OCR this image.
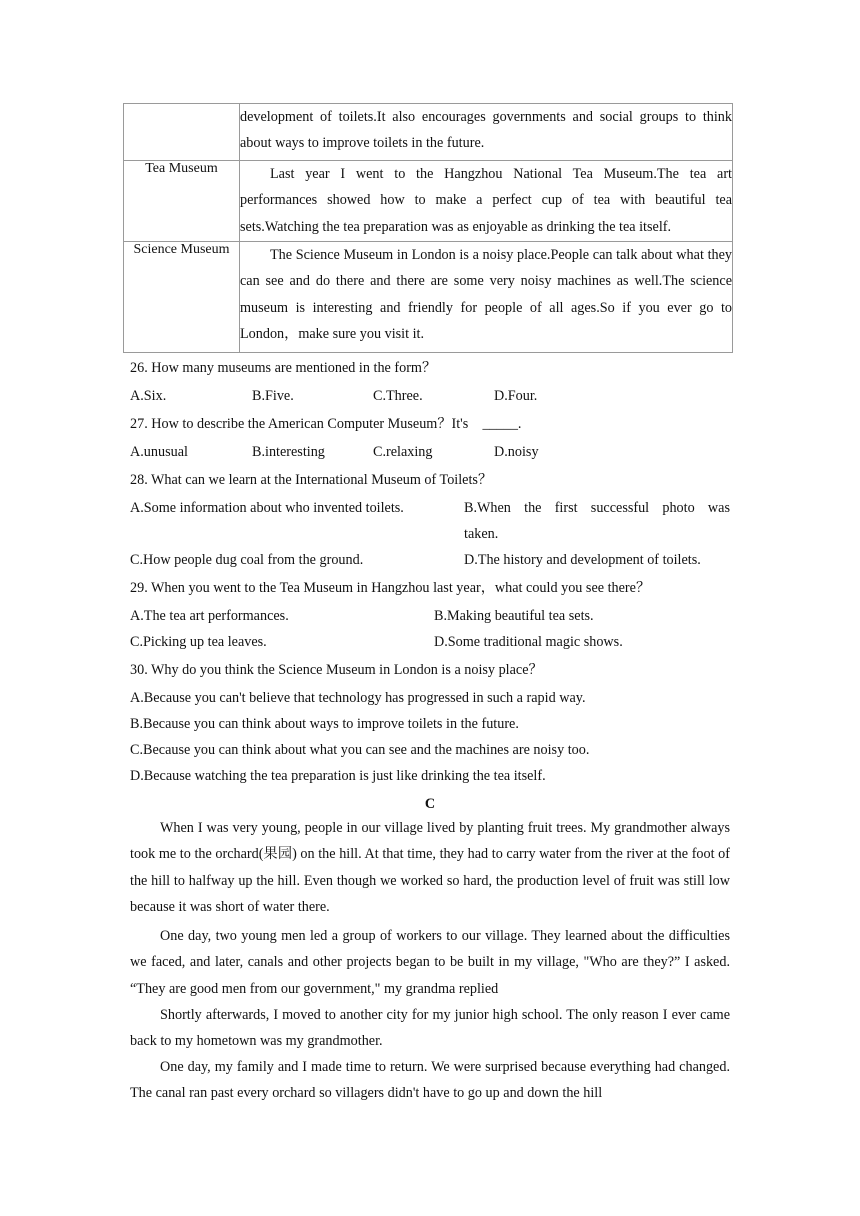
	development of toilets.It also encourages governments and social groups to think about ways to improve toilets in the future.
Tea Museum	Last year I went to the Hangzhou National Tea Museum.The tea art performances showed how to make a perfect cup of tea with beautiful tea sets.Watching the tea preparation was as enjoyable as drinking the tea itself.
Science Museum	The Science Museum in London is a noisy place.People can talk about what they can see and do there and there are some very noisy machines as well.The science museum is interesting and friendly for people of all ages.So if you ever go to London，make sure you visit it.
26. How many museums are mentioned in the form？
A.Six.	B.Five.	C.Three.	D.Four.
27. How to describe the American Computer Museum？It's    _____.
A.unusual	B.interesting	C.relaxing	D.noisy
28. What can we learn at the International Museum of Toilets？
A.Some information about who invented toilets.	B.When the first successful photo was taken.
C.How people dug coal from the ground.	D.The history and development of toilets.
29. When you went to the Tea Museum in Hangzhou last year，what could you see there？
A.The tea art performances.	B.Making beautiful tea sets.
C.Picking up tea leaves.	D.Some traditional magic shows.
30. Why do you think the Science Museum in London is a noisy place？
A.Because you can't believe that technology has progressed in such a rapid way.
B.Because you can think about ways to improve toilets in the future.
C.Because you can think about what you can see and the machines are noisy too.
D.Because watching the tea preparation is just like drinking the tea itself.
C
When I was very young, people in our village lived by planting fruit trees. My grandmother always took me to the orchard(果园) on the hill. At that time, they had to carry water from the river at the foot of the hill to halfway up the hill. Even though we worked so hard, the production level of fruit was still low because it was short of water there.
One day, two young men led a group of workers to our village. They learned about the difficulties we faced, and later, canals and other projects began to be built in my village, "Who are they?” I asked. “They are good men from our government," my grandma replied
Shortly afterwards, I moved to another city for my junior high school. The only reason I ever came back to my hometown was my grandmother.
One day, my family and I made time to return. We were surprised because everything had changed. The canal ran past every orchard so villagers didn't have to go up and down the hill
